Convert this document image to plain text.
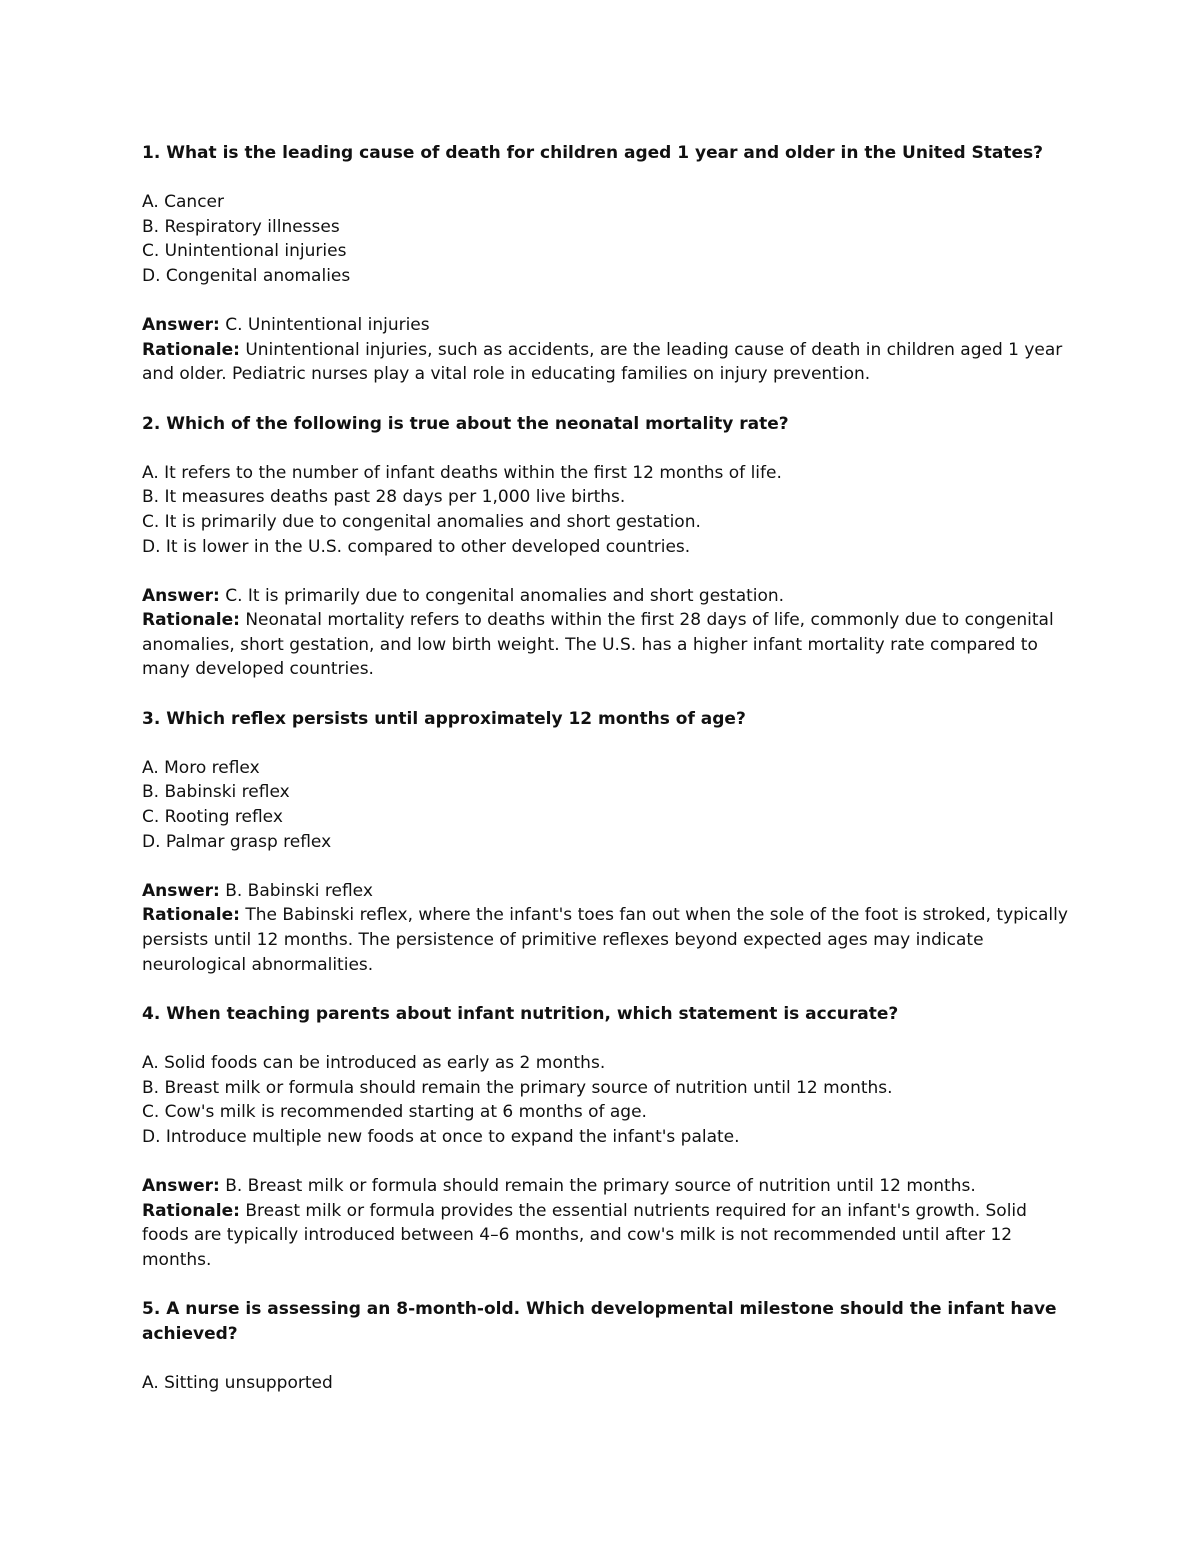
1. What is the leading cause of death for children aged 1 year and older in the United States?
A. Cancer
B. Respiratory illnesses
C. Unintentional injuries
D. Congenital anomalies
Answer: C. Unintentional injuries
Rationale: Unintentional injuries, such as accidents, are the leading cause of death in children aged 1 year and older. Pediatric nurses play a vital role in educating families on injury prevention.
2. Which of the following is true about the neonatal mortality rate?
A. It refers to the number of infant deaths within the first 12 months of life.
B. It measures deaths past 28 days per 1,000 live births.
C. It is primarily due to congenital anomalies and short gestation.
D. It is lower in the U.S. compared to other developed countries.
Answer: C. It is primarily due to congenital anomalies and short gestation.
Rationale: Neonatal mortality refers to deaths within the first 28 days of life, commonly due to congenital anomalies, short gestation, and low birth weight. The U.S. has a higher infant mortality rate compared to many developed countries.
3. Which reflex persists until approximately 12 months of age?
A. Moro reflex
B. Babinski reflex
C. Rooting reflex
D. Palmar grasp reflex
Answer: B. Babinski reflex
Rationale: The Babinski reflex, where the infant's toes fan out when the sole of the foot is stroked, typically persists until 12 months. The persistence of primitive reflexes beyond expected ages may indicate neurological abnormalities.
4. When teaching parents about infant nutrition, which statement is accurate?
A. Solid foods can be introduced as early as 2 months.
B. Breast milk or formula should remain the primary source of nutrition until 12 months.
C. Cow's milk is recommended starting at 6 months of age.
D. Introduce multiple new foods at once to expand the infant's palate.
Answer: B. Breast milk or formula should remain the primary source of nutrition until 12 months.
Rationale: Breast milk or formula provides the essential nutrients required for an infant's growth. Solid foods are typically introduced between 4–6 months, and cow's milk is not recommended until after 12 months.
5. A nurse is assessing an 8-month-old. Which developmental milestone should the infant have achieved?
A. Sitting unsupported
